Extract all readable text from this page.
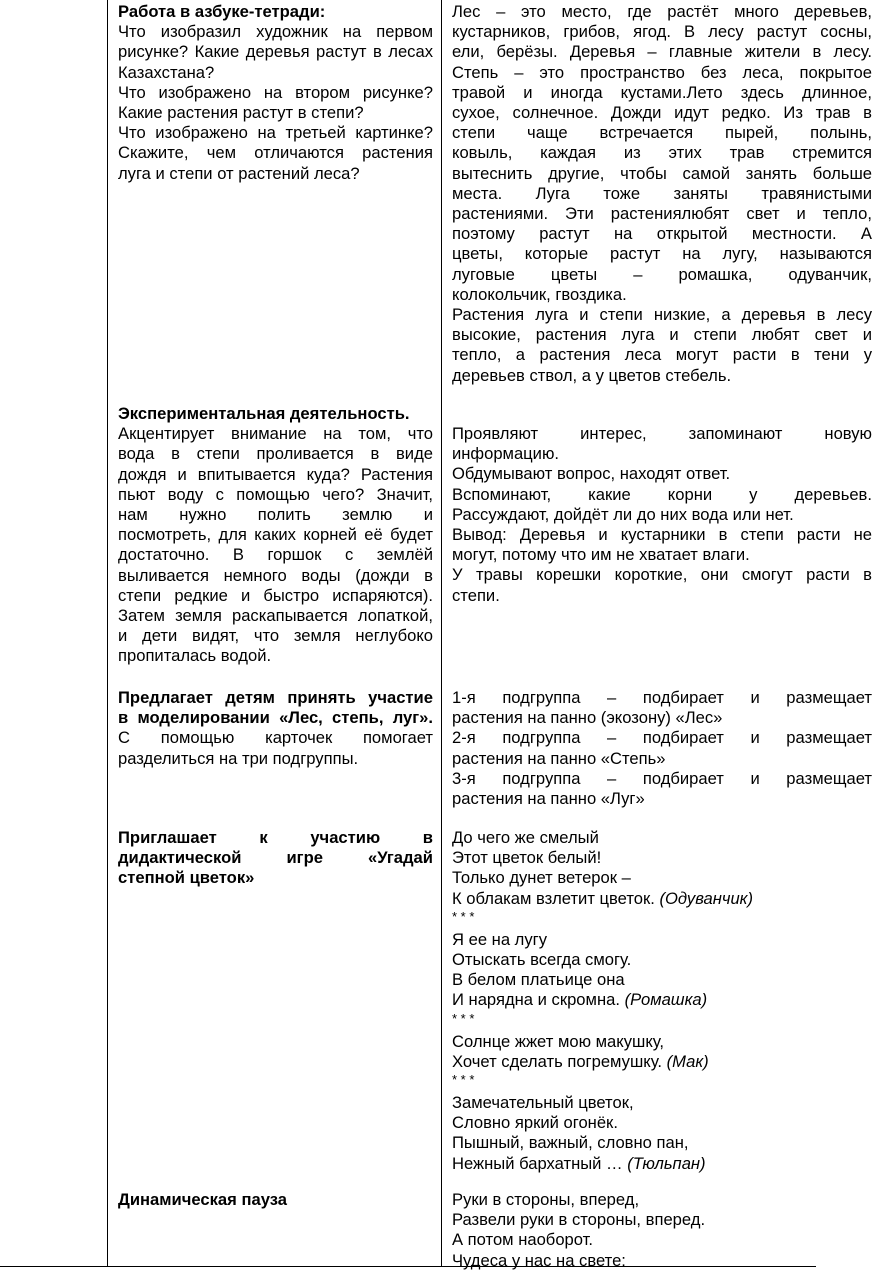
Работа в азбуке-тетради:
Что изобразил художник на первом
рисунке? Какие деревья растут в лесах
Казахстана?
Что изображено на втором рисунке?
Какие растения растут в степи?
Что изображено на третьей картинке?
Скажите, чем отличаются растения
луга и степи от растений леса?
Экспериментальная деятельность.
Акцентирует внимание на том, что
вода в степи проливается в виде
дождя и впитывается куда? Растения
пьют воду с помощью чего? Значит,
нам нужно полить землю и
посмотреть, для каких корней её будет
достаточно. В горшок с землёй
выливается немного воды (дожди в
степи редкие и быстро испаряются).
Затем земля раскапывается лопаткой,
и дети видят, что земля неглубоко
пропиталась водой.
Предлагает детям принять участие
в моделировании «Лес, степь, луг».
С помощью карточек помогает
разделиться на три подгруппы.
Приглашает к участию в
дидактической игре «Угадай
степной цветок»
Динамическая пауза
Лес – это место, где растёт много деревьев,
кустарников, грибов, ягод. В лесу растут сосны,
ели, берёзы. Деревья – главные жители в лесу.
Степь – это пространство без леса, покрытое
травой и иногда кустами.Лето здесь длинное,
сухое, солнечное. Дожди идут редко. Из трав в
степи чаще встречается пырей, полынь,
ковыль, каждая из этих трав стремится
вытеснить другие, чтобы самой занять больше
места. Луга тоже заняты травянистыми
растениями. Эти растениялюбят свет и тепло,
поэтому растут на открытой местности. А
цветы, которые растут на лугу, называются
луговые цветы – ромашка, одуванчик,
колокольчик, гвоздика.
Растения луга и степи низкие, а деревья в лесу
высокие, растения луга и степи любят свет и
тепло, а растения леса могут расти в тени у
деревьев ствол, а у цветов стебель.
Проявляют интерес, запоминают новую
информацию.
Обдумывают вопрос, находят ответ.
Вспоминают, какие корни у деревьев.
Рассуждают, дойдёт ли до них вода или нет.
Вывод: Деревья и кустарники в степи расти не
могут, потому что им не хватает влаги.
У травы корешки короткие, они смогут расти в
степи.
1-я подгруппа – подбирает и размещает
растения на панно (экозону) «Лес»
2-я подгруппа – подбирает и размещает
растения на панно «Степь»
3-я подгруппа – подбирает и размещает
растения на панно «Луг»
До чего же смелый
Этот цветок белый!
Только дунет ветерок –
К облакам взлетит цветок. (Одуванчик)
* * *
Я ее на лугу
Отыскать всегда смогу.
В белом платьице она
И нарядна и скромна. (Ромашка)
* * *
Солнце жжет мою макушку,
Хочет сделать погремушку. (Мак)
* * *
Замечательный цветок,
Словно яркий огонёк.
Пышный, важный, словно пан,
Нежный бархатный … (Тюльпан)
Руки в стороны, вперед,
Развели руки в стороны, вперед.
А потом наоборот.
Чудеса у нас на свете:
